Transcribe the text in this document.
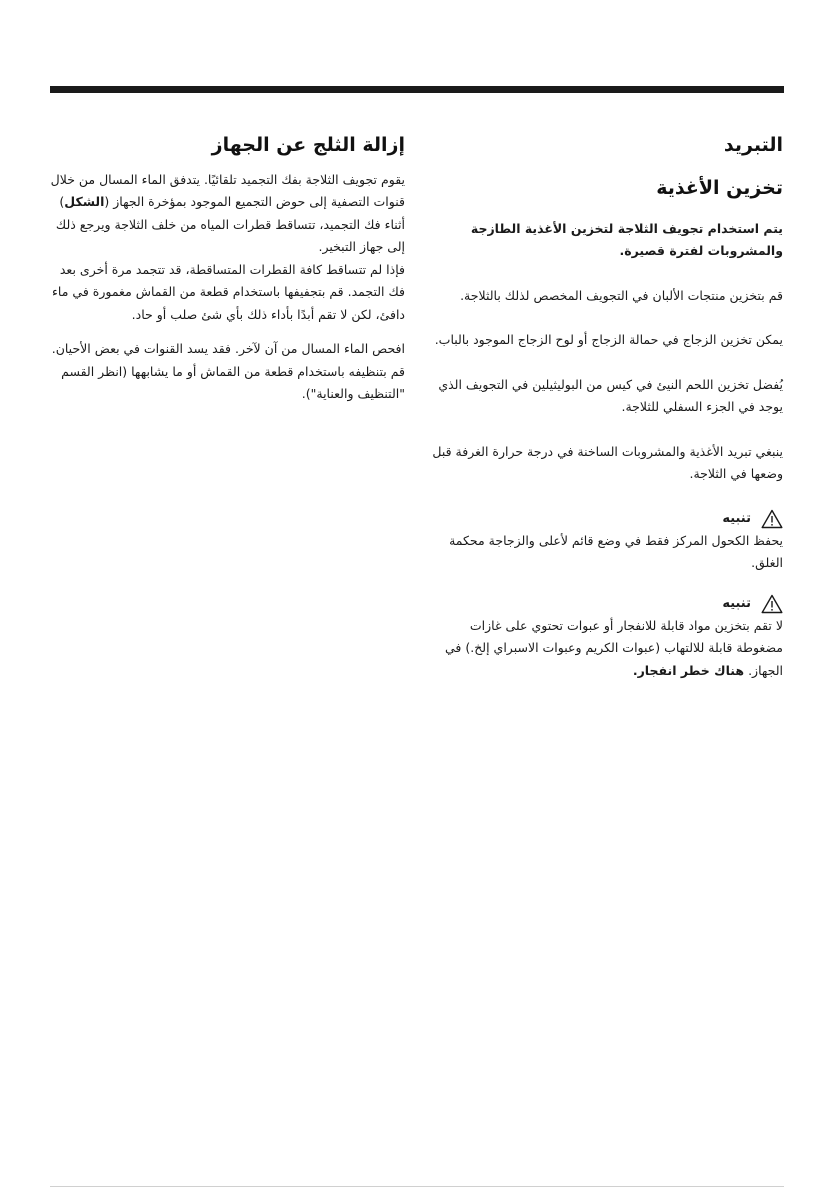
التبريد
تخزين الأغذية

يتم استخدام تجويف الثلاجة لتخزين الأغذية الطازجة والمشروبات لفترة قصيرة.

قم بتخزين منتجات الألبان في التجويف المخصص لذلك بالثلاجة.

يمكن تخزين الزجاج في حمالة الزجاج أو لوح الزجاج الموجود بالباب.

يُفضل تخزين اللحم النيئ في كيس من البوليثيلين في التجويف الذي يوجد في الجزء السفلي للثلاجة.

ينبغي تبريد الأغذية والمشروبات الساخنة في درجة حرارة الغرفة قبل وضعها في الثلاجة.

تنبيه

يحفظ الكحول المركز فقط في وضع قائم لأعلى والزجاجة محكمة الغلق.

تنبيه

لا تقم بتخزين مواد قابلة للانفجار أو عبوات تحتوي على غازات مضغوطة قابلة للالتهاب (عبوات الكريم وعبوات الاسبراي إلخ.) في الجهاز. هناك خطر انفجار.

إزالة الثلج عن الجهاز

يقوم تجويف الثلاجة بفك التجميد تلقائيًا. يتدفق الماء المسال من خلال قنوات التصفية إلى حوض التجميع الموجود بمؤخرة الجهاز (الشكل)

أثناء فك التجميد، تتساقط قطرات المياه من خلف الثلاجة ويرجع ذلك إلى جهاز التبخير.

فإذا لم تتساقط كافة القطرات المتساقطة، قد تتجمد مرة أخرى بعد فك التجمد. قم بتجفيفها باستخدام قطعة من القماش مغمورة في ماء دافئ، لكن لا تقم أبدًا بأداء ذلك بأي شئ صلب أو حاد.

افحص الماء المسال من آن لآخر. فقد يسد القنوات في بعض الأحيان. قم بتنظيفه باستخدام قطعة من القماش أو ما يشابهها (انظر القسم "التنظيف والعناية").
